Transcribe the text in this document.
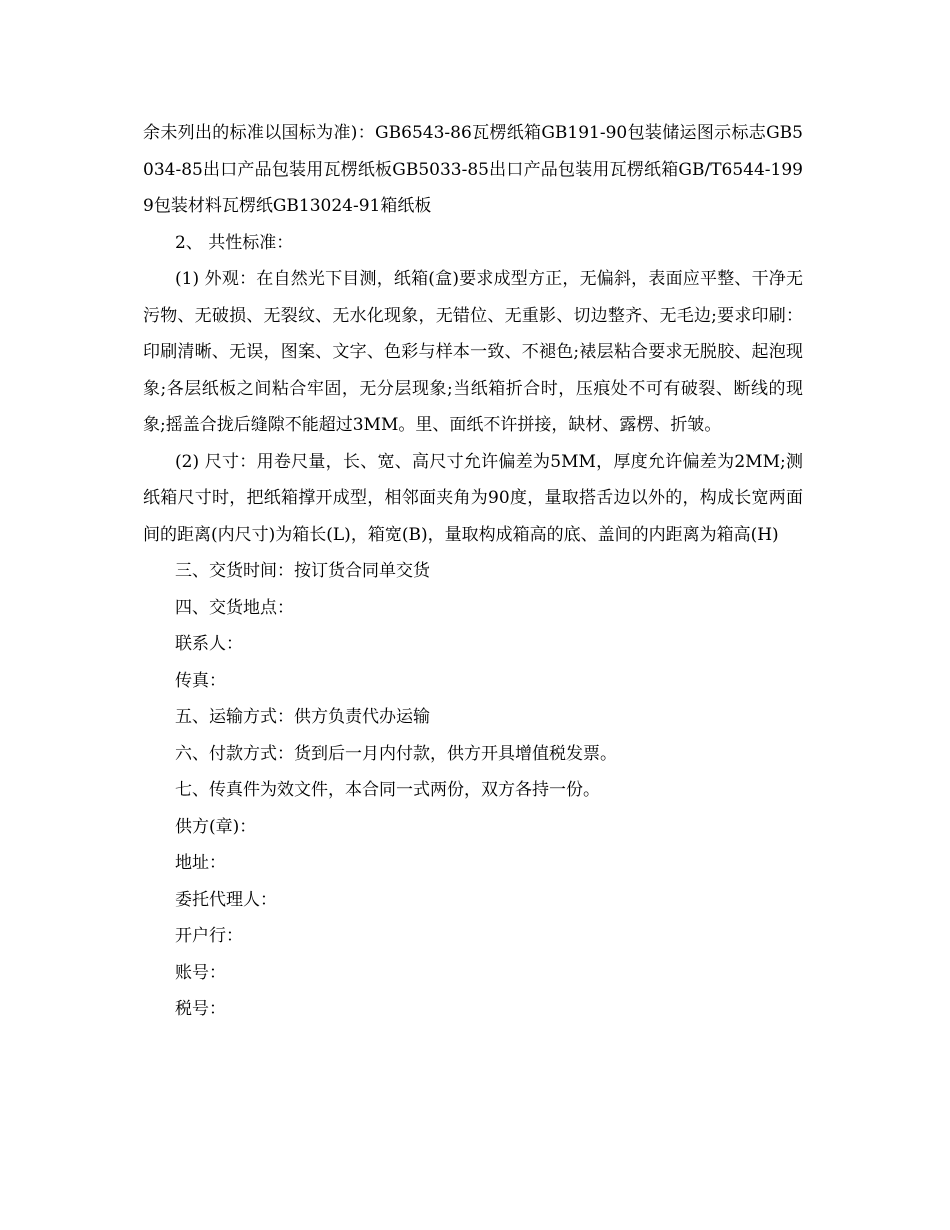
余未列出的标准以国标为准)：GB6543-86瓦楞纸箱GB191-90包装储运图示标志GB5034-85出口产品包装用瓦楞纸板GB5033-85出口产品包装用瓦楞纸箱GB/T6544-1999包装材料瓦楞纸GB13024-91箱纸板

2、 共性标准：

(1) 外观：在自然光下目测，纸箱(盒)要求成型方正，无偏斜，表面应平整、干净无污物、无破损、无裂纹、无水化现象，无错位、无重影、切边整齐、无毛边;要求印刷：印刷清晰、无误，图案、文字、色彩与样本一致、不褪色;裱层粘合要求无脱胶、起泡现象;各层纸板之间粘合牢固，无分层现象;当纸箱折合时，压痕处不可有破裂、断线的现象;摇盖合拢后缝隙不能超过3MM。里、面纸不许拼接，缺材、露楞、折皱。

(2) 尺寸：用卷尺量，长、宽、高尺寸允许偏差为5MM，厚度允许偏差为2MM;测纸箱尺寸时，把纸箱撑开成型，相邻面夹角为90度，量取搭舌边以外的，构成长宽两面间的距离(内尺寸)为箱长(L)，箱宽(B)，量取构成箱高的底、盖间的内距离为箱高(H)

三、交货时间：按订货合同单交货

四、交货地点：

联系人：

传真：

五、运输方式：供方负责代办运输

六、付款方式：货到后一月内付款，供方开具增值税发票。

七、传真件为效文件，本合同一式两份，双方各持一份。

供方(章)：

地址：

委托代理人：

开户行：

账号：

税号：
